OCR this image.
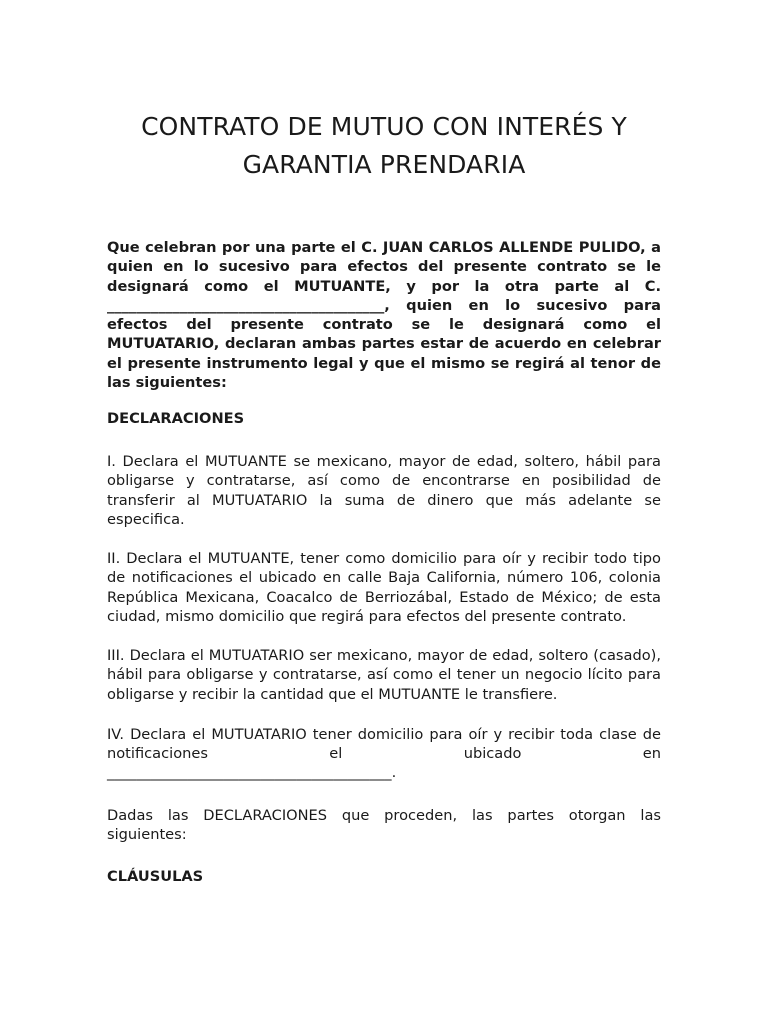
CONTRATO DE MUTUO CON INTERÉS Y
GARANTIA PRENDARIA

Que celebran por una parte el C. JUAN CARLOS ALLENDE PULIDO, a quien en lo sucesivo para efectos del presente contrato se le designará como el MUTUANTE, y por la otra parte al C. ______________________________________, quien en lo sucesivo para efectos del presente contrato se le designará como el MUTUATARIO, declaran ambas partes estar de acuerdo en celebrar el presente instrumento legal y que el mismo se regirá al tenor de las siguientes:

DECLARACIONES

I. Declara el MUTUANTE se mexicano, mayor de edad, soltero, hábil para obligarse y contratarse, así como de encontrarse en posibilidad de transferir al MUTUATARIO la suma de dinero que más adelante se especifica.

II. Declara el MUTUANTE, tener como domicilio para oír y recibir todo tipo de notificaciones el ubicado en calle Baja California, número 106, colonia República Mexicana, Coacalco de Berriozábal, Estado de México; de esta ciudad, mismo domicilio que regirá para efectos del presente contrato.

III. Declara el MUTUATARIO ser mexicano, mayor de edad, soltero (casado), hábil para obligarse y contratarse, así como el tener un negocio lícito para obligarse y recibir la cantidad que el MUTUANTE le transfiere.

IV. Declara el MUTUATARIO tener domicilio para oír y recibir toda clase de notificaciones el ubicado en

_______________________________________.

Dadas las DECLARACIONES que proceden, las partes otorgan las siguientes:

CLÁUSULAS
